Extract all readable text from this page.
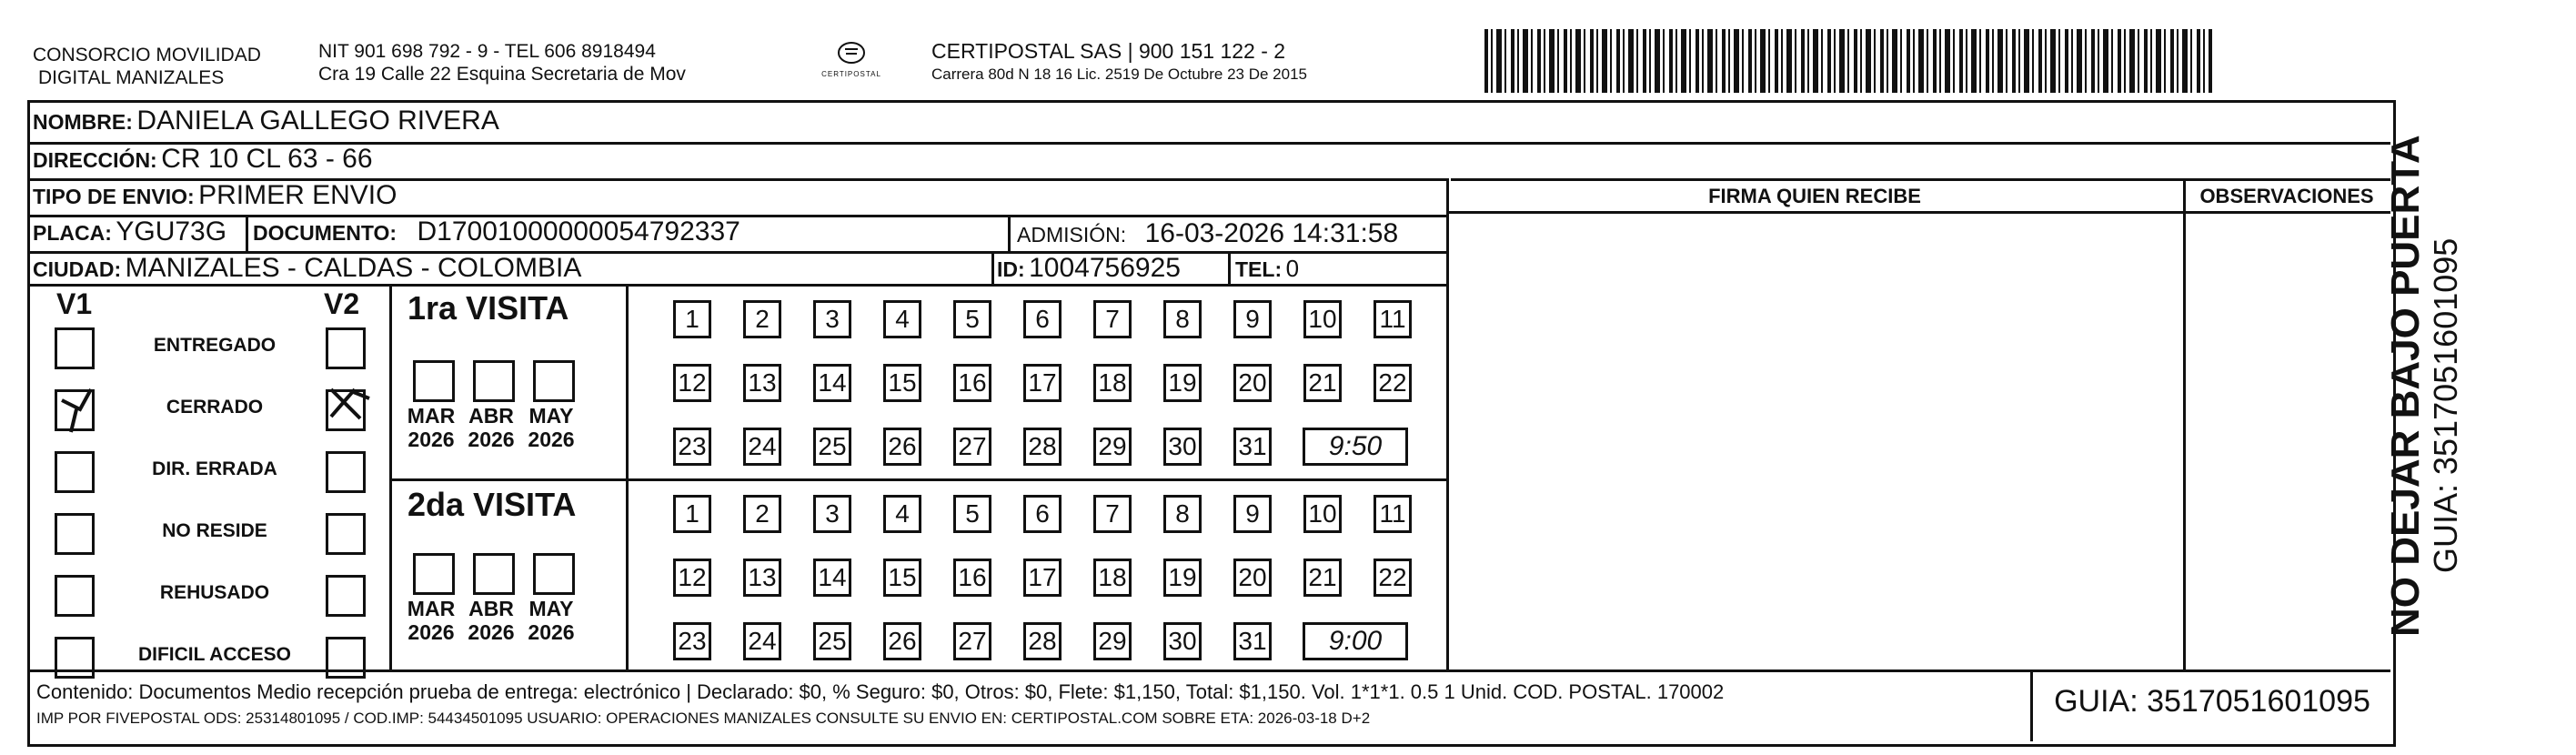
CONSORCIO MOVILIDAD
DIGITAL MANIZALES
NIT 901 698 792 - 9 - TEL 606 8918494
Cra 19 Calle 22 Esquina Secretaria de Mov	CERTIPOSTAL
CERTIPOSTAL SAS | 900 151 122 - 2
Carrera 80d N 18 16 Lic. 2519 De Octubre 23 De 2015
NOMBRE: DANIELA GALLEGO RIVERA
DIRECCIÓN: CR 10 CL 63 - 66
TIPO DE ENVIO: PRIMER ENVIO
PLACA: YGU73G DOCUMENTO: D17001000000054792337	ADMISIÓN: 16-03-2026 14:31:58
CIUDAD: MANIZALES - CALDAS - COLOMBIA	ID: 1004756925	TEL: 0
FIRMA QUIEN RECIBE	OBSERVACIONES
V1	V2
ENTREGADO
CERRADO
DIR. ERRADA
NO RESIDE
REHUSADO
DIFICIL ACCESO
1ra VISITA
2da VISITA
MAR
2026
ABR
2026
MAY
2026
MAR
2026
ABR
2026
MAY
2026
1	2	3	4	5	6	7	8	9	10 11
12 13 14 15 16 17 18 19 20 21 22
23 24 25 26 27 28 29 30 31	9:50
1	2	3	4	5	6	7	8	9	10 11
12 13 14 15 16 17 18 19 20 21 22
23 24 25 26 27 28 29 30 31	9:00
Contenido: Documentos Medio recepción prueba de entrega: electrónico | Declarado: $0, % Seguro: $0, Otros: $0, Flete: $1,150, Total: $1,150. Vol. 1*1*1. 0.5 1 Unid. COD. POSTAL. 170002
IMP POR FIVEPOSTAL ODS: 25314801095 / COD.IMP: 54434501095 USUARIO: OPERACIONES MANIZALES CONSULTE SU ENVIO EN: CERTIPOSTAL.COM SOBRE ETA: 2026-03-18 D+2	GUIA: 3517051601095
NO DEJAR BAJO PUERTA GUIA: 3517051601095
